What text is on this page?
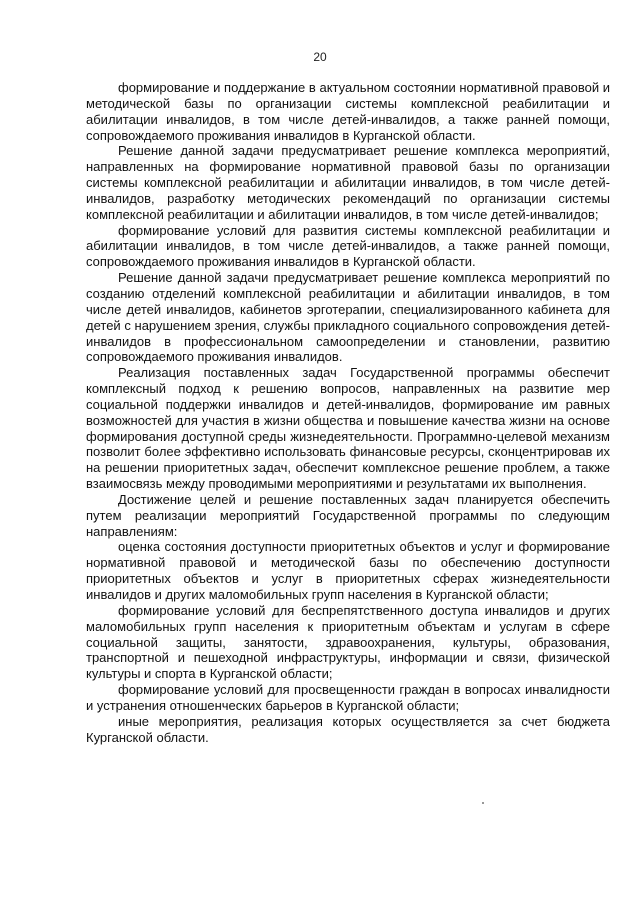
20

формирование и поддержание в актуальном состоянии нормативной правовой и методической базы по организации системы комплексной реабилитации и абилитации инвалидов, в том числе детей-инвалидов, а также ранней помощи, сопровождаемого проживания инвалидов в Курганской области.

Решение данной задачи предусматривает решение комплекса мероприятий, направленных на формирование нормативной правовой базы по организации системы комплексной реабилитации и абилитации инвалидов, в том числе детей-инвалидов, разработку методических рекомендаций по организации системы комплексной реабилитации и абилитации инвалидов, в том числе детей-инвалидов;

формирование условий для развития системы комплексной реабилитации и абилитации инвалидов, в том числе детей-инвалидов, а также ранней помощи, сопровождаемого проживания инвалидов в Курганской области.

Решение данной задачи предусматривает решение комплекса мероприятий по созданию отделений комплексной реабилитации и абилитации инвалидов, в том числе детей инвалидов, кабинетов эрготерапии, специализированного кабинета для детей с нарушением зрения, службы прикладного социального сопровождения детей-инвалидов в профессиональном самоопределении и становлении, развитию сопровождаемого проживания инвалидов.

Реализация поставленных задач Государственной программы обеспечит комплексный подход к решению вопросов, направленных на развитие мер социальной поддержки инвалидов и детей-инвалидов, формирование им равных возможностей для участия в жизни общества и повышение качества жизни на основе формирования доступной среды жизнедеятельности. Программно-целевой механизм позволит более эффективно использовать финансовые ресурсы, сконцентрировав их на решении приоритетных задач, обеспечит комплексное решение проблем, а также взаимосвязь между проводимыми мероприятиями и результатами их выполнения.

Достижение целей и решение поставленных задач планируется обеспечить путем реализации мероприятий Государственной программы по следующим направлениям:

оценка состояния доступности приоритетных объектов и услуг и формирование нормативной правовой и методической базы по обеспечению доступности приоритетных объектов и услуг в приоритетных сферах жизнедеятельности инвалидов и других маломобильных групп населения в Курганской области;

формирование условий для беспрепятственного доступа инвалидов и других маломобильных групп населения к приоритетным объектам и услугам в сфере социальной защиты, занятости, здравоохранения, культуры, образования, транспортной и пешеходной инфраструктуры, информации и связи, физической культуры и спорта в Курганской области;

формирование условий для просвещенности граждан в вопросах инвалидности и устранения отношенческих барьеров в Курганской области;

иные мероприятия, реализация которых осуществляется за счет бюджета Курганской области.
